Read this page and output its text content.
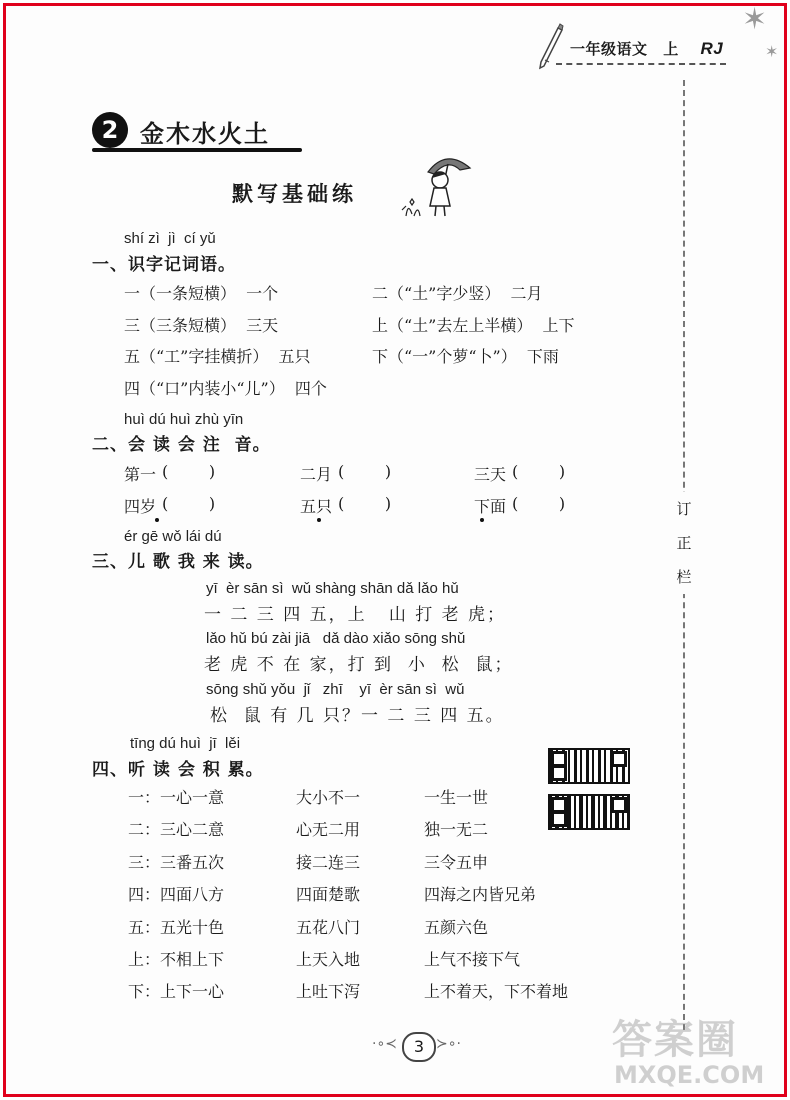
✶
✶
一年级语文 上 RJ
订
正
栏
2 金木水火土
默写基础练
shí zì  jì  cí yǔ
一、识字记词语。
一（一条短横）  一个	二（“土”字少竖）  二月
三（三条短横）  三天	上（“土”去左上半横）  上下
五（“工”字挂横折）  五只	下（“一”个萝“卜”）  下雨
四（“口”内装小“儿”）  四个
huì dú huì zhù yīn
二、会 读 会 注  音。
第一 (        )	二月 (        )	三天 (        )
四岁 (        )	五只 (        )	下面 (        )
ér gē wǒ lái dú
三、儿 歌 我 来 读。
yī  èr sān sì  wǔ shàng shān dǎ lǎo hǔ
一 二 三 四 五，上   山 打 老 虎；
lǎo hǔ bú zài jiā   dǎ dào xiǎo sōng shǔ
老 虎 不 在 家，打 到  小  松  鼠；
sōng shǔ yǒu  jǐ   zhī    yī  èr sān sì  wǔ
松  鼠 有 几 只？一 二 三 四 五。
tīng dú huì  jī  lěi
四、听 读 会 积 累。
一：一心一意	大小不一	一生一世
二：三心二意	心无二用	独一无二
三：三番五次	接二连三	三令五申
四：四面八方	四面楚歌	四海之内皆兄弟
五：五光十色	五花八门	五颜六色
上：不相上下	上天入地	上气不接下气
下：上下一心	上吐下泻	上不着天，下不着地
·∘≺	3 ≻∘·	答案圈
MXQE.COM
